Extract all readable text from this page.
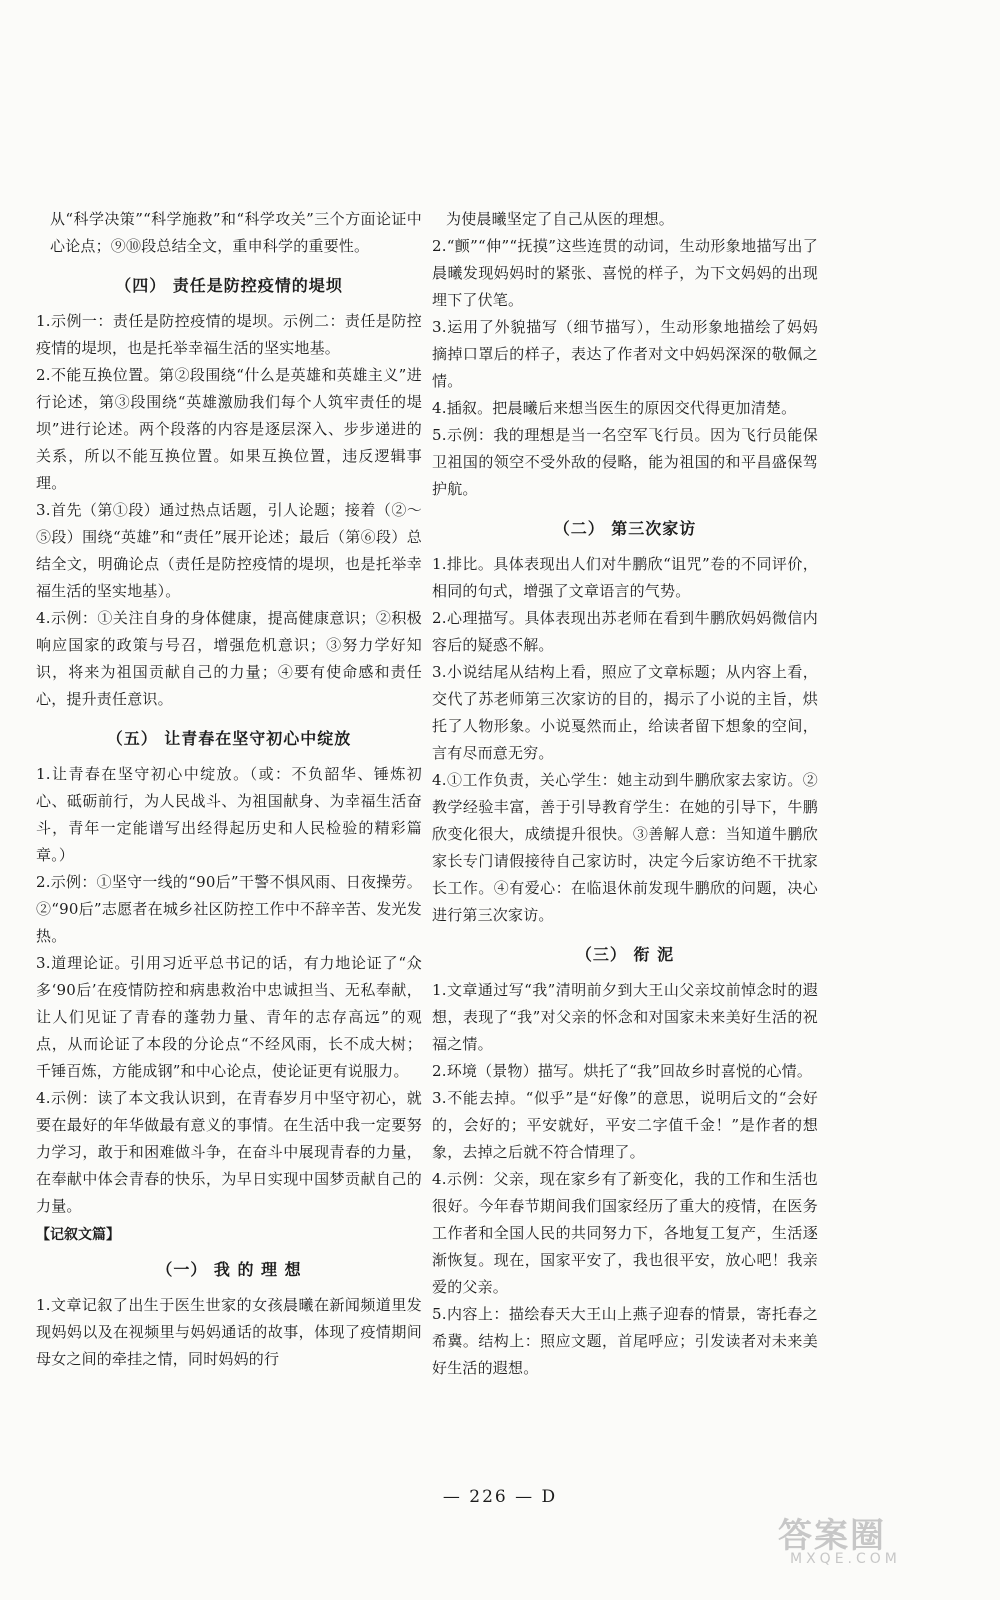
从“科学决策”“科学施救”和“科学攻关”三个方面论证中心论点；⑨⑩段总结全文，重申科学的重要性。

（四） 责任是防控疫情的堤坝

1.示例一：责任是防控疫情的堤坝。示例二：责任是防控疫情的堤坝，也是托举幸福生活的坚实地基。

2.不能互换位置。第②段围绕“什么是英雄和英雄主义”进行论述，第③段围绕“英雄激励我们每个人筑牢责任的堤坝”进行论述。两个段落的内容是逐层深入、步步递进的关系，所以不能互换位置。如果互换位置，违反逻辑事理。

3.首先（第①段）通过热点话题，引人论题；接着（②～⑤段）围绕“英雄”和“责任”展开论述；最后（第⑥段）总结全文，明确论点（责任是防控疫情的堤坝，也是托举幸福生活的坚实地基）。

4.示例：①关注自身的身体健康，提高健康意识；②积极响应国家的政策与号召，增强危机意识；③努力学好知识，将来为祖国贡献自己的力量；④要有使命感和责任心，提升责任意识。

（五） 让青春在坚守初心中绽放

1.让青春在坚守初心中绽放。（或：不负韶华、锤炼初心、砥砺前行，为人民战斗、为祖国献身、为幸福生活奋斗，青年一定能谱写出经得起历史和人民检验的精彩篇章。）

2.示例：①坚守一线的“90后”干警不惧风雨、日夜操劳。②“90后”志愿者在城乡社区防控工作中不辞辛苦、发光发热。

3.道理论证。引用习近平总书记的话，有力地论证了“众多‘90后’在疫情防控和病患救治中忠诚担当、无私奉献，让人们见证了青春的蓬勃力量、青年的志存高远”的观点，从而论证了本段的分论点“不经风雨，长不成大树；千锤百炼，方能成钢”和中心论点，使论证更有说服力。

4.示例：读了本文我认识到，在青春岁月中坚守初心，就要在最好的年华做最有意义的事情。在生活中我一定要努力学习，敢于和困难做斗争，在奋斗中展现青春的力量，在奉献中体会青春的快乐，为早日实现中国梦贡献自己的力量。

【记叙文篇】
（一） 我 的 理 想

1.文章记叙了出生于医生世家的女孩晨曦在新闻频道里发现妈妈以及在视频里与妈妈通话的故事，体现了疫情期间母女之间的牵挂之情，同时妈妈的行

为使晨曦坚定了自己从医的理想。

2.“颤”“伸”“抚摸”这些连贯的动词，生动形象地描写出了晨曦发现妈妈时的紧张、喜悦的样子，为下文妈妈的出现埋下了伏笔。

3.运用了外貌描写（细节描写），生动形象地描绘了妈妈摘掉口罩后的样子，表达了作者对文中妈妈深深的敬佩之情。

4.插叙。把晨曦后来想当医生的原因交代得更加清楚。

5.示例：我的理想是当一名空军飞行员。因为飞行员能保卫祖国的领空不受外敌的侵略，能为祖国的和平昌盛保驾护航。

（二） 第三次家访

1.排比。具体表现出人们对牛鹏欣“诅咒”卷的不同评价，相同的句式，增强了文章语言的气势。

2.心理描写。具体表现出苏老师在看到牛鹏欣妈妈微信内容后的疑惑不解。

3.小说结尾从结构上看，照应了文章标题；从内容上看，交代了苏老师第三次家访的目的，揭示了小说的主旨，烘托了人物形象。小说戛然而止，给读者留下想象的空间，言有尽而意无穷。

4.①工作负责，关心学生：她主动到牛鹏欣家去家访。②教学经验丰富，善于引导教育学生：在她的引导下，牛鹏欣变化很大，成绩提升很快。③善解人意：当知道牛鹏欣家长专门请假接待自己家访时，决定今后家访绝不干扰家长工作。④有爱心：在临退休前发现牛鹏欣的问题，决心进行第三次家访。

（三） 衔 泥

1.文章通过写“我”清明前夕到大王山父亲坟前悼念时的遐想，表现了“我”对父亲的怀念和对国家未来美好生活的祝福之情。

2.环境（景物）描写。烘托了“我”回故乡时喜悦的心情。

3.不能去掉。“似乎”是“好像”的意思，说明后文的“会好的，会好的；平安就好，平安二字值千金！”是作者的想象，去掉之后就不符合情理了。

4.示例：父亲，现在家乡有了新变化，我的工作和生活也很好。今年春节期间我们国家经历了重大的疫情，在医务工作者和全国人民的共同努力下，各地复工复产，生活逐渐恢复。现在，国家平安了，我也很平安，放心吧！我亲爱的父亲。

5.内容上：描绘春天大王山上燕子迎春的情景，寄托春之希冀。结构上：照应文题，首尾呼应；引发读者对未来美好生活的遐想。

— 226 — D
答案圈
MXQE.COM
